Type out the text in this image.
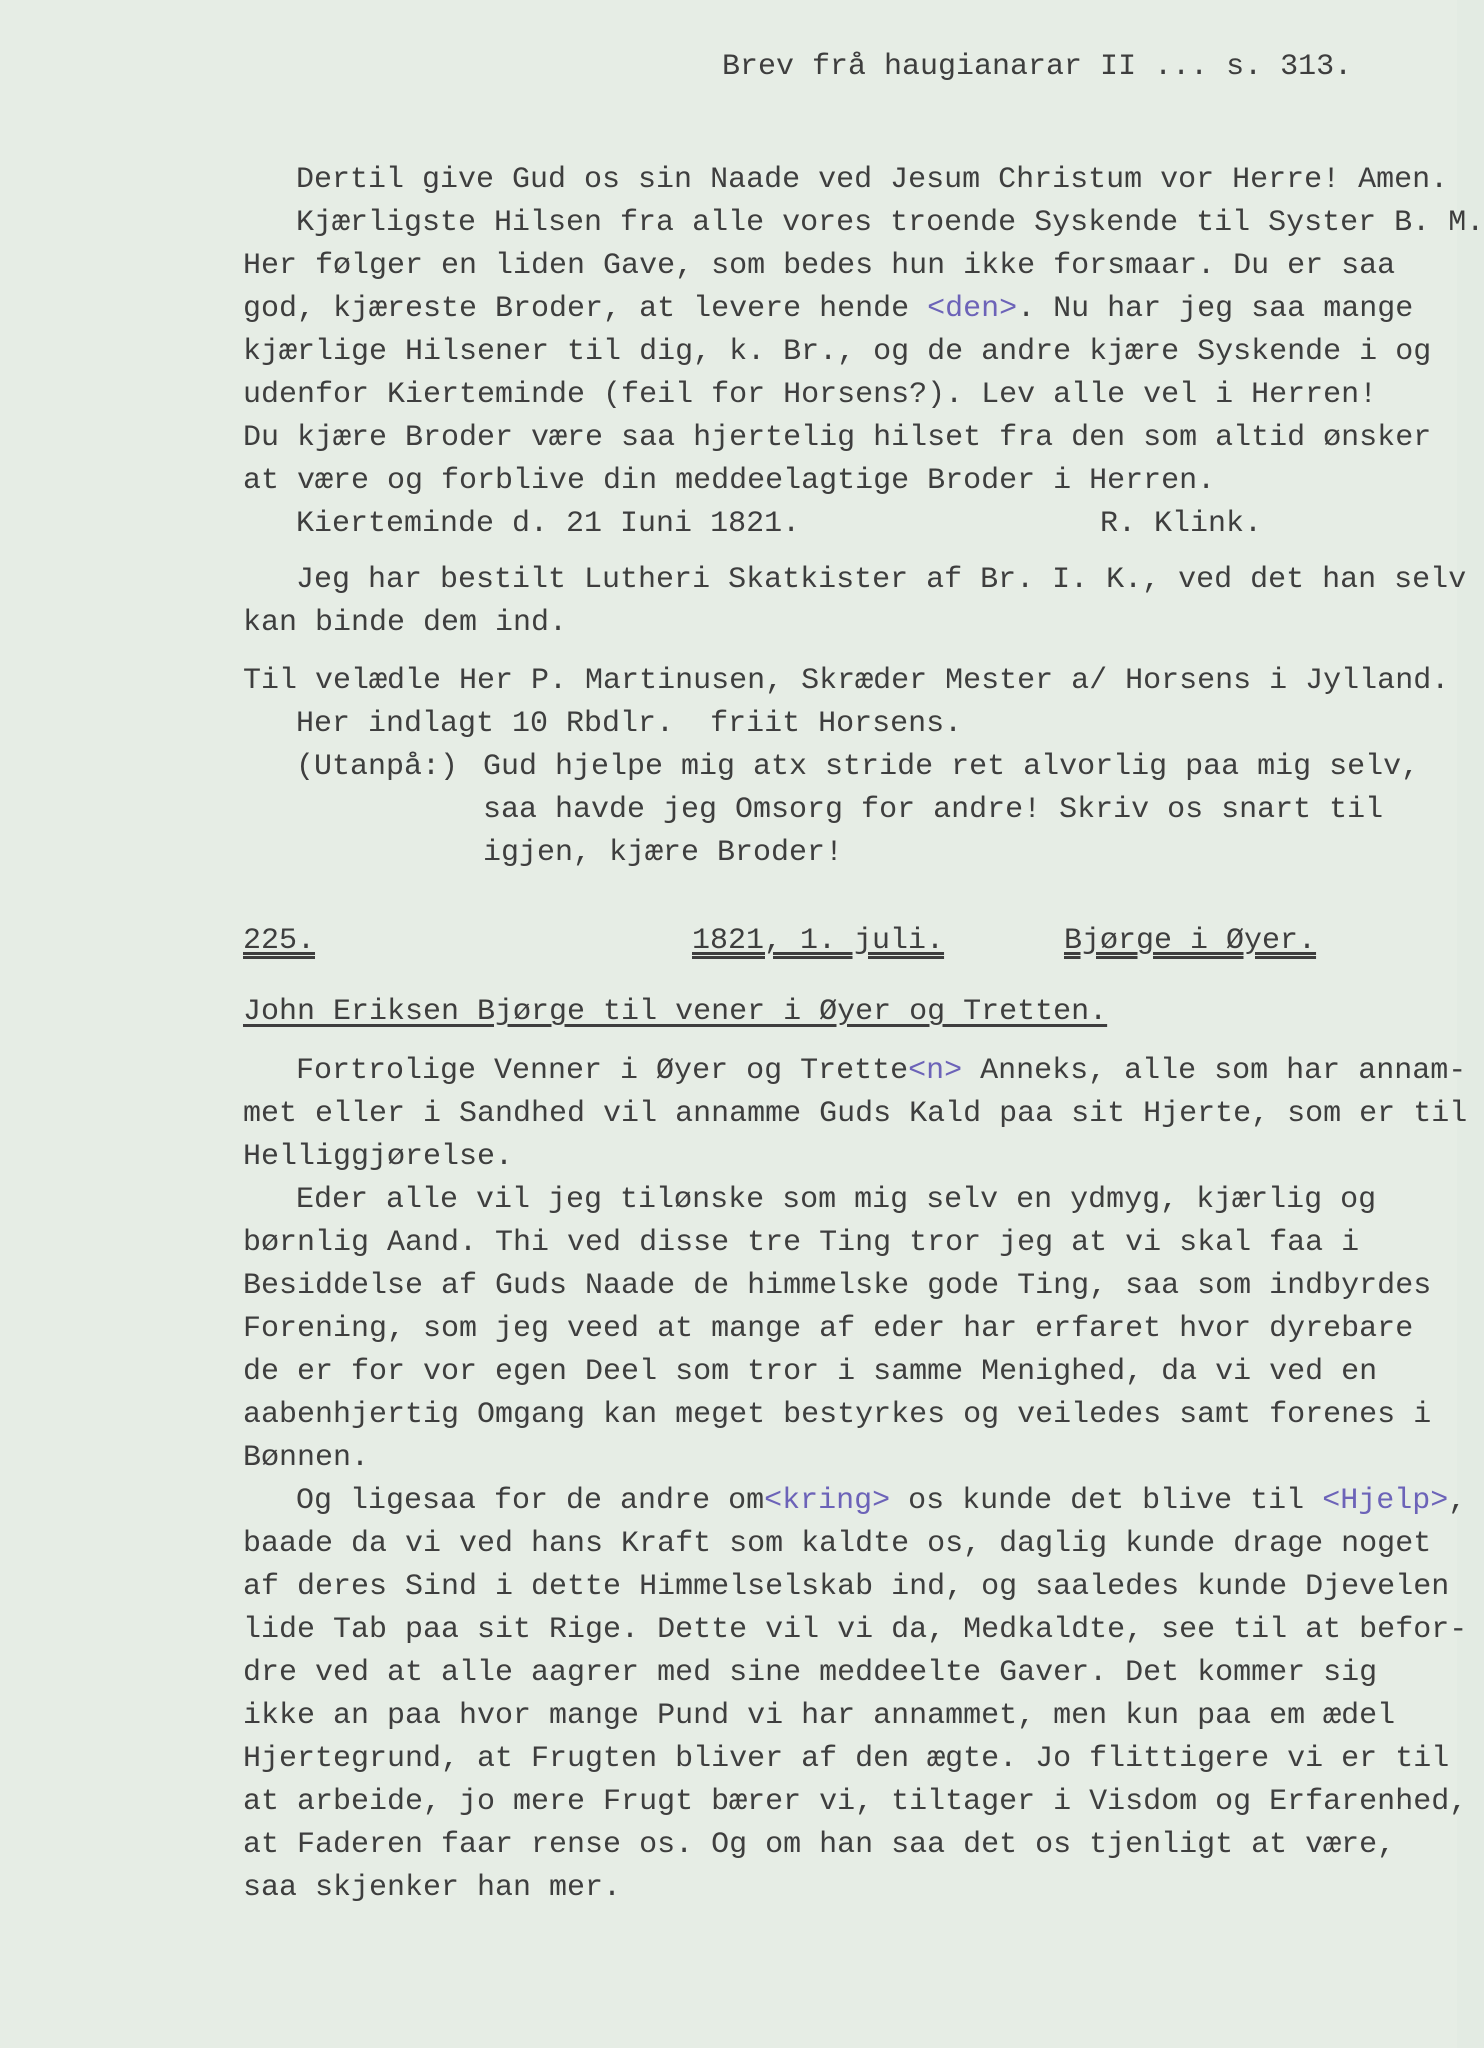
Brev frå haugianarar II ... s. 313.
Dertil give Gud os sin Naade ved Jesum Christum vor Herre! Amen.
Kjærligste Hilsen fra alle vores troende Syskende til Syster B. M.
Her følger en liden Gave, som bedes hun ikke forsmaar. Du er saa
god, kjæreste Broder, at levere hende <den>. Nu har jeg saa mange
kjærlige Hilsener til dig, k. Br., og de andre kjære Syskende i og
udenfor Kierteminde (feil for Horsens?). Lev alle vel i Herren!
Du kjære Broder være saa hjertelig hilset fra den som altid ønsker
at være og forblive din meddeelagtige Broder i Herren.
Kierteminde d. 21 Iuni 1821.	R. Klink.
Jeg har bestilt Lutheri Skatkister af Br. I. K., ved det han selv
kan binde dem ind.
Til velædle Her P. Martinusen, Skræder Mester a/ Horsens i Jylland.
Her indlagt 10 Rbdlr.  friit Horsens.
(Utanpå:) Gud hjelpe mig atx stride ret alvorlig paa mig selv,
saa havde jeg Omsorg for andre! Skriv os snart til
igjen, kjære Broder!
225.	1821, 1. juli.	Bjørge i Øyer.
John Eriksen Bjørge til vener i Øyer og Tretten.
Fortrolige Venner i Øyer og Trette<n> Anneks, alle som har annam-
met eller i Sandhed vil annamme Guds Kald paa sit Hjerte, som er til
Helliggjørelse.
Eder alle vil jeg tilønske som mig selv en ydmyg, kjærlig og
børnlig Aand. Thi ved disse tre Ting tror jeg at vi skal faa i
Besiddelse af Guds Naade de himmelske gode Ting, saa som indbyrdes
Forening, som jeg veed at mange af eder har erfaret hvor dyrebare
de er for vor egen Deel som tror i samme Menighed, da vi ved en
aabenhjertig Omgang kan meget bestyrkes og veiledes samt forenes i
Bønnen.
Og ligesaa for de andre om<kring> os kunde det blive til <Hjelp>,
baade da vi ved hans Kraft som kaldte os, daglig kunde drage noget
af deres Sind i dette Himmelselskab ind, og saaledes kunde Djevelen
lide Tab paa sit Rige. Dette vil vi da, Medkaldte, see til at befor-
dre ved at alle aagrer med sine meddeelte Gaver. Det kommer sig
ikke an paa hvor mange Pund vi har annammet, men kun paa em ædel
Hjertegrund, at Frugten bliver af den ægte. Jo flittigere vi er til
at arbeide, jo mere Frugt bærer vi, tiltager i Visdom og Erfarenhed,
at Faderen faar rense os. Og om han saa det os tjenligt at være,
saa skjenker han mer.
